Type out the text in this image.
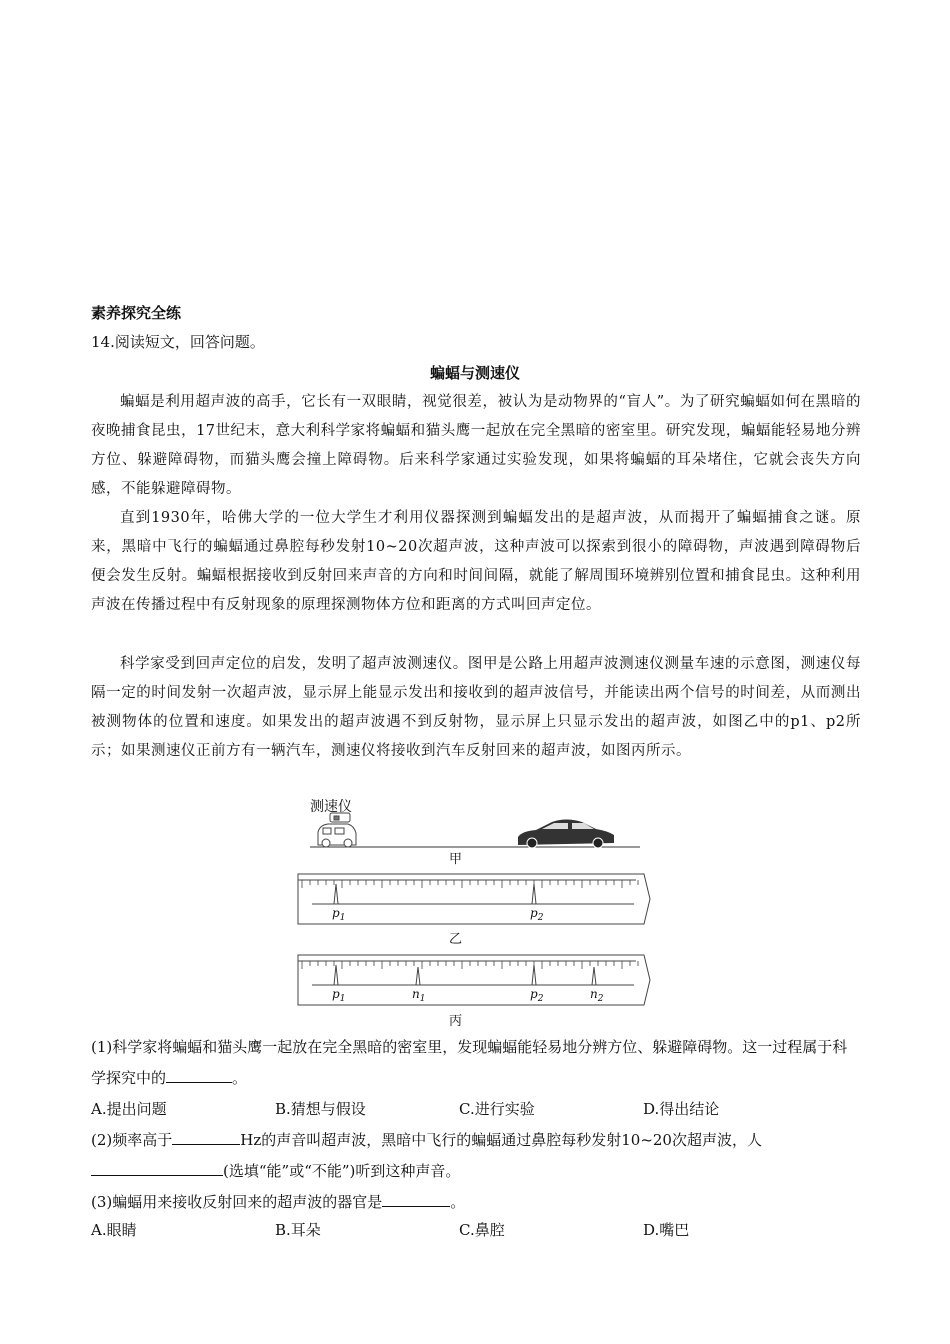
素养探究全练
14.阅读短文，回答问题。
蝙蝠与测速仪

蝙蝠是利用超声波的高手，它长有一双眼睛，视觉很差，被认为是动物界的“盲人”。为了研究蝙蝠如何在黑暗的夜晚捕食昆虫，17世纪末，意大利科学家将蝙蝠和猫头鹰一起放在完全黑暗的密室里。研究发现，蝙蝠能轻易地分辨方位、躲避障碍物，而猫头鹰会撞上障碍物。后来科学家通过实验发现，如果将蝙蝠的耳朵堵住，它就会丧失方向感，不能躲避障碍物。

直到1930年，哈佛大学的一位大学生才利用仪器探测到蝙蝠发出的是超声波，从而揭开了蝙蝠捕食之谜。原来，黑暗中飞行的蝙蝠通过鼻腔每秒发射10~20次超声波，这种声波可以探索到很小的障碍物，声波遇到障碍物后便会发生反射。蝙蝠根据接收到反射回来声音的方向和时间间隔，就能了解周围环境辨别位置和捕食昆虫。这种利用声波在传播过程中有反射现象的原理探测物体方位和距离的方式叫回声定位。

科学家受到回声定位的启发，发明了超声波测速仪。图甲是公路上用超声波测速仪测量车速的示意图，测速仪每隔一定的时间发射一次超声波，显示屏上能显示发出和接收到的超声波信号，并能读出两个信号的时间差，从而测出被测物体的位置和速度。如果发出的超声波遇不到反射物，显示屏上只显示发出的超声波，如图乙中的p1、p2所示；如果测速仪正前方有一辆汽车，测速仪将接收到汽车反射回来的超声波，如图丙所示。

测速仪
甲
$p_1$	$p_2$
乙
$p_1$	$n_1$	$p_2$	$n_2$
丙

(1)科学家将蝙蝠和猫头鹰一起放在完全黑暗的密室里，发现蝙蝠能轻易地分辨方位、躲避障碍物。这一过程属于科学探究中的	。

A.提出问题	B.猜想与假设	C.进行实验	D.得出结论

(2)频率高于	Hz的声音叫超声波，黑暗中飞行的蝙蝠通过鼻腔每秒发射10~20次超声波，人(选填“能”或“不能”)听到这种声音。

(3)蝙蝠用来接收反射回来的超声波的器官是	。

A.眼睛	B.耳朵	C.鼻腔	D.嘴巴
